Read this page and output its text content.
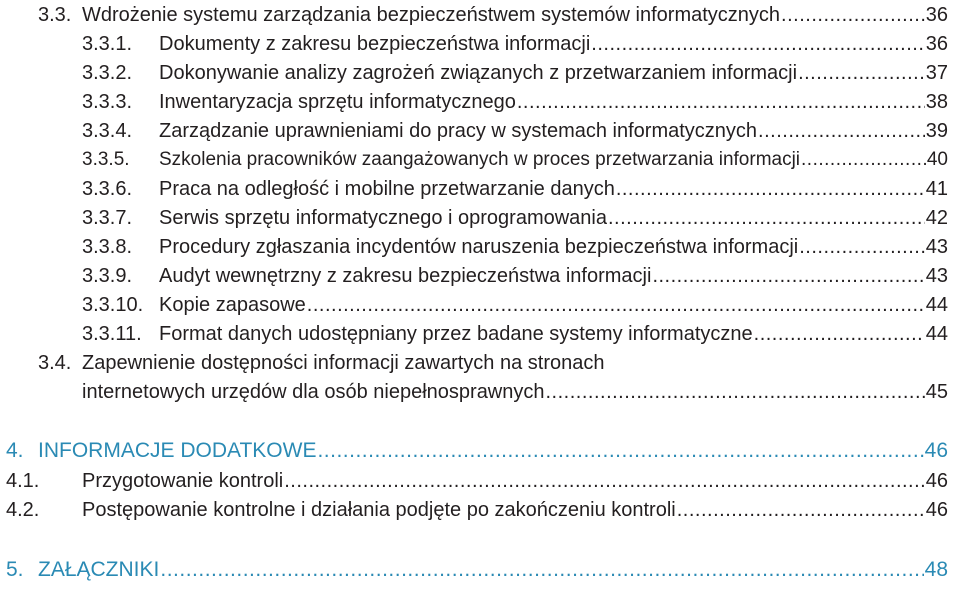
3.3. Wdrożenie systemu zarządzania bezpieczeństwem systemów informatycznych .....	36
3.3.1.	Dokumenty z zakresu bezpieczeństwa informacji .....	36
3.3.2.	Dokonywanie analizy zagrożeń związanych z przetwarzaniem informacji .....	37
3.3.3.	Inwentaryzacja sprzętu informatycznego .....	38
3.3.4.	Zarządzanie uprawnieniami do pracy w systemach informatycznych .....	39
3.3.5.	Szkolenia pracowników zaangażowanych w proces przetwarzania informacji .....	40
3.3.6.	Praca na odległość i mobilne przetwarzanie danych .....	41
3.3.7.	Serwis sprzętu informatycznego i oprogramowania .....	42
3.3.8.	Procedury zgłaszania incydentów naruszenia bezpieczeństwa informacji .....	43
3.3.9.	Audyt wewnętrzny z zakresu bezpieczeństwa informacji .....	43
3.3.10. Kopie zapasowe .....	44
3.3.11. Format danych udostępniany przez badane systemy informatyczne .....	44
3.4. Zapewnienie dostępności informacji zawartych na stronach
internetowych urzędów dla osób niepełnosprawnych .....	45
4. INFORMACJE DODATKOWE .....	46
4.1.	Przygotowanie kontroli .....	46
4.2.	Postępowanie kontrolne i działania podjęte po zakończeniu kontroli .....	46
5. ZAŁĄCZNIKI .....	48
